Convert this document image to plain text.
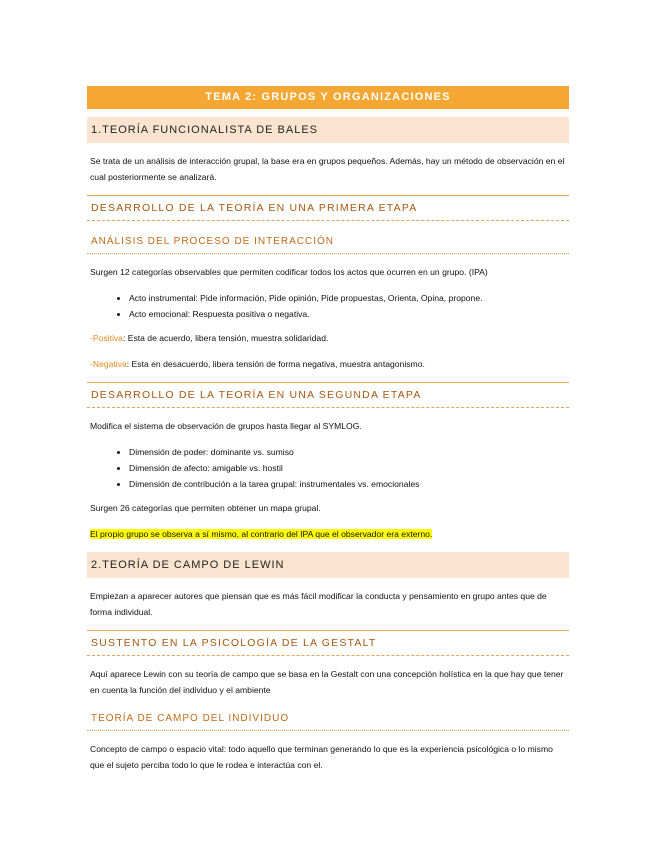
TEMA 2: GRUPOS Y ORGANIZACIONES
1.TEORÍA FUNCIONALISTA DE BALES

Se trata de un análisis de interacción grupal, la base era en grupos pequeños. Además, hay un método de observación en el cual posteriormente se analizará.

DESARROLLO DE LA TEORÍA EN UNA PRIMERA ETAPA
ANÁLISIS DEL PROCESO DE INTERACCIÓN

Surgen 12 categorías observables que permiten codificar todos los actos que ocurren en un grupo. (IPA)

• Acto instrumental: Pide información, Pide opinión, Pide propuestas, Orienta, Opina, propone.
• Acto emocional: Respuesta positiva o negativa.

-Positiva: Esta de acuerdo, libera tensión, muestra solidaridad.

-Negativa: Esta en desacuerdo, libera tensión de forma negativa, muestra antagonismo.

DESARROLLO DE LA TEORÍA EN UNA SEGUNDA ETAPA

Modifica el sistema de observación de grupos hasta llegar al SYMLOG.

• Dimensión de poder: dominante vs. sumiso
• Dimensión de afecto: amigable vs. hostil
• Dimensión de contribución a la tarea grupal: instrumentales vs. emocionales

Surgen 26 categorías que permiten obtener un mapa grupal.

El propio grupo se observa a sí mismo, al contrario del IPA que el observador era externo.

2.TEORÍA DE CAMPO DE LEWIN

Empiezan a aparecer autores que piensan que es más fácil modificar la conducta y pensamiento en grupo antes que de forma individual.

SUSTENTO EN LA PSICOLOGÍA DE LA GESTALT

Aquí aparece Lewin con su teoría de campo que se basa en la Gestalt con una concepción holística en la que hay que tener en cuenta la función del individuo y el ambiente

TEORÍA DE CAMPO DEL INDIVIDUO

Concepto de campo o espacio vital: todo aquello que terminan generando lo que es la experiencia psicológica o lo mismo que el sujeto perciba todo lo que le rodea e interactúa con el.
